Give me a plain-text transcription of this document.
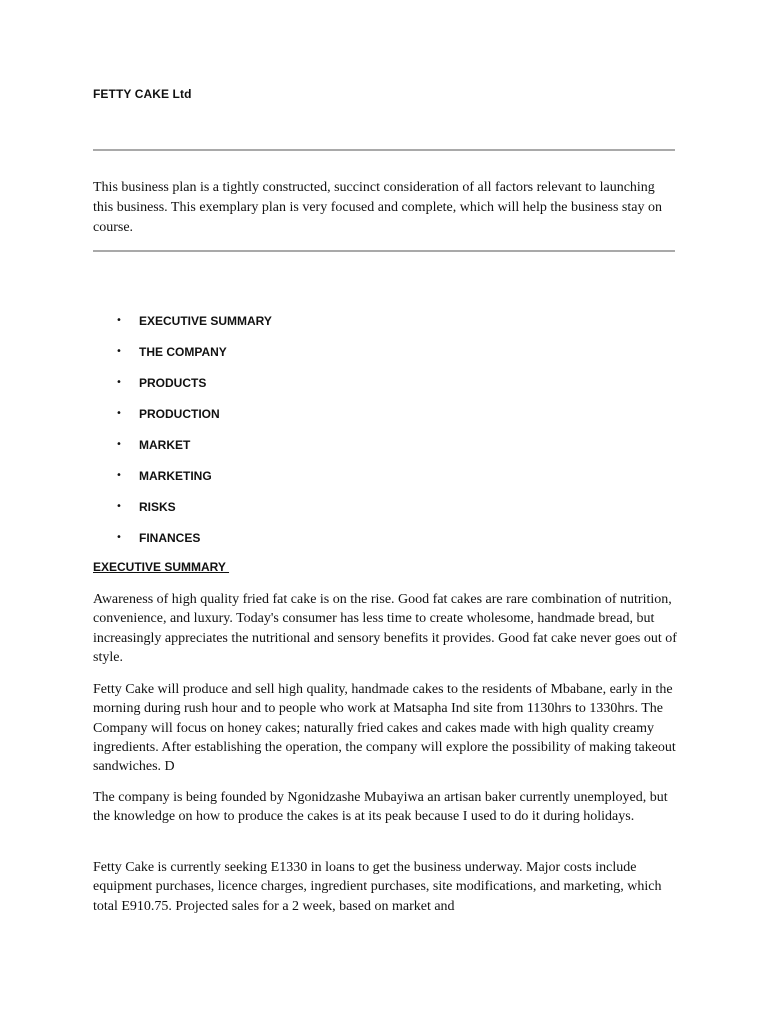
FETTY CAKE Ltd
This business plan is a tightly constructed, succinct consideration of all factors relevant to launching this business. This exemplary plan is very focused and complete, which will help the business stay on course.
•	EXECUTIVE SUMMARY
•	THE COMPANY
•	PRODUCTS
•	PRODUCTION
•	MARKET
•	MARKETING
•	RISKS
•	FINANCES
EXECUTIVE SUMMARY

Awareness of high quality fried fat cake is on the rise. Good fat cakes are rare combination of nutrition, convenience, and luxury. Today's consumer has less time to create wholesome, handmade bread, but increasingly appreciates the nutritional and sensory benefits it provides. Good fat cake never goes out of style.

Fetty Cake will produce and sell high quality, handmade cakes to the residents of Mbabane, early in the morning during rush hour and to people who work at Matsapha Ind site from 1130hrs to 1330hrs. The Company will focus on honey cakes; naturally fried cakes and cakes made with high quality creamy ingredients. After establishing the operation, the company will explore the possibility of making takeout sandwiches. D

The company is being founded by Ngonidzashe Mubayiwa an artisan baker currently unemployed, but the knowledge on how to produce the cakes is at its peak because I used to do it during holidays.

Fetty Cake is currently seeking E1330 in loans to get the business underway. Major costs include equipment purchases, licence charges, ingredient purchases, site modifications, and marketing, which total E910.75. Projected sales for a 2 week, based on market and
